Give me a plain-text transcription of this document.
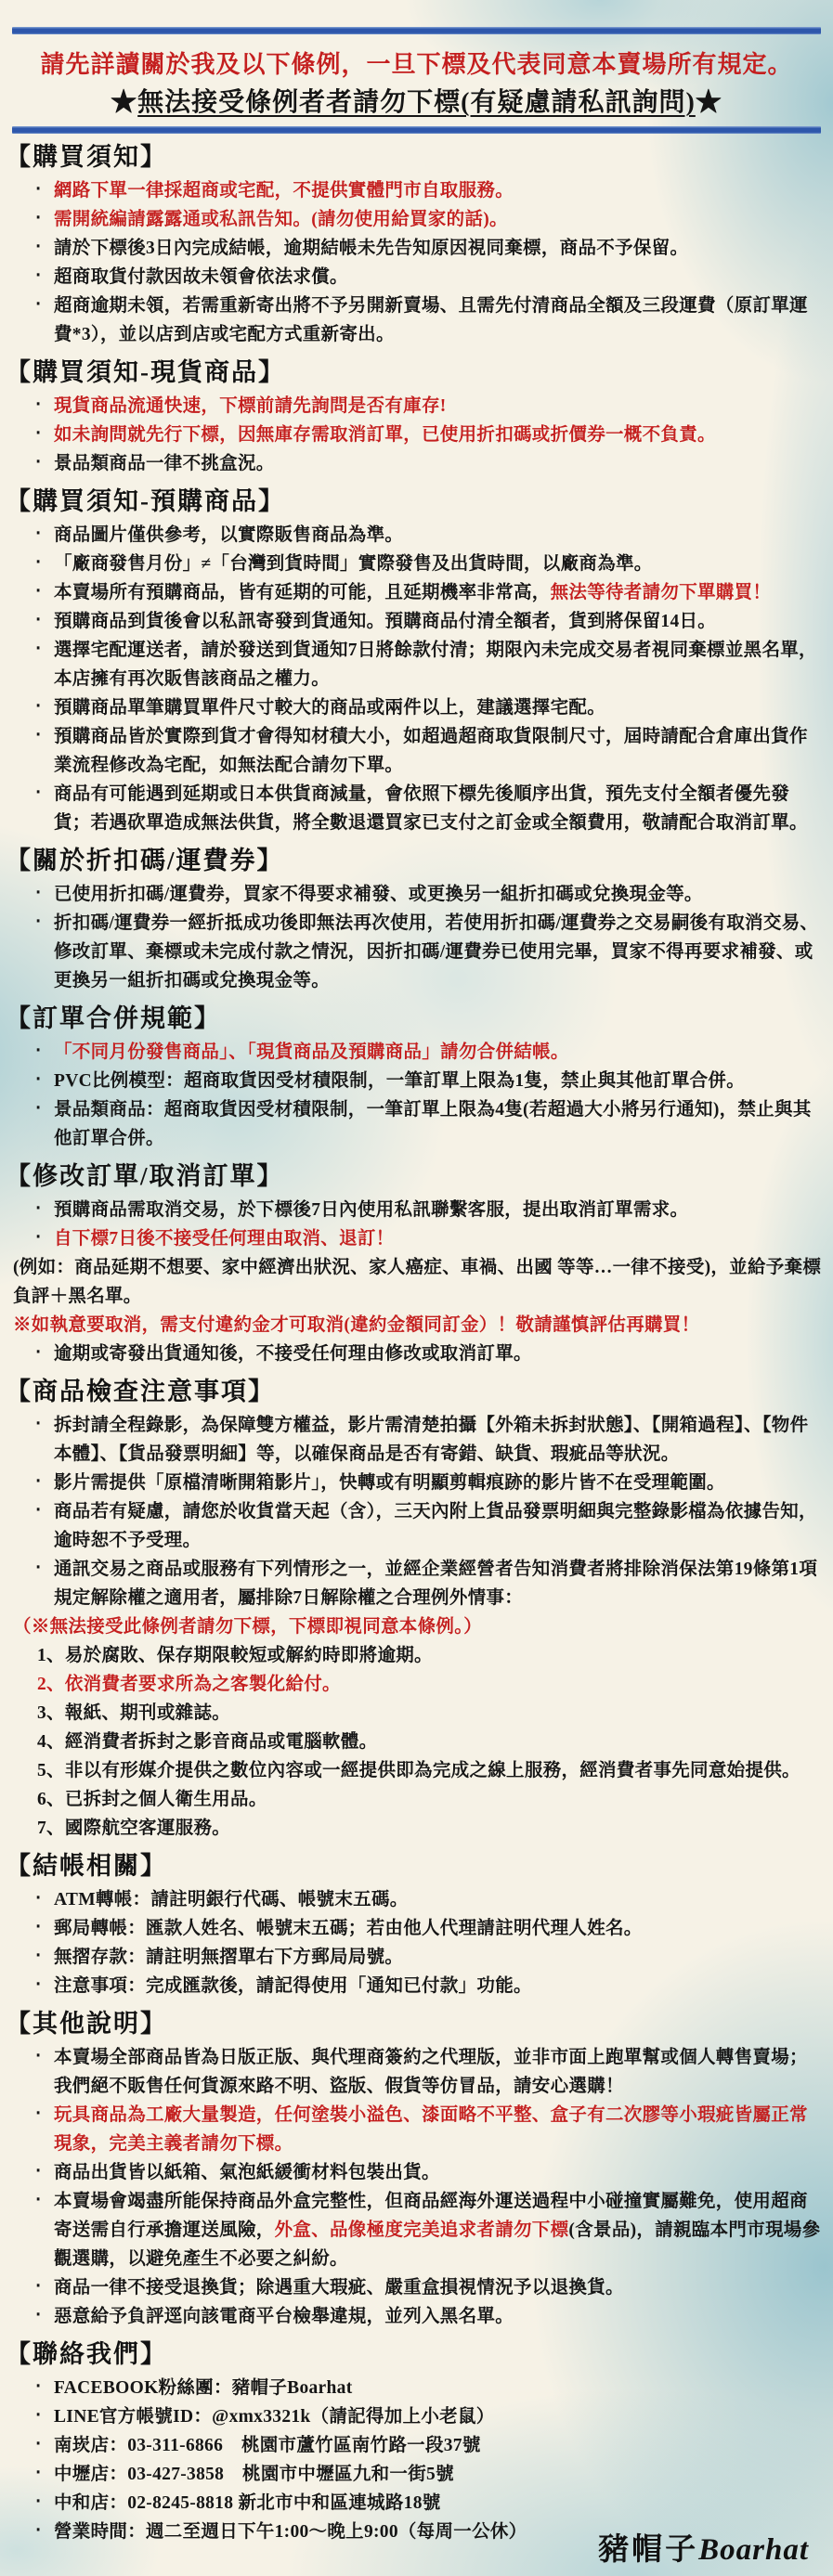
請先詳讀關於我及以下條例，一旦下標及代表同意本賣場所有規定。
★無法接受條例者者請勿下標(有疑慮請私訊詢問)★
【購買須知】
‧ 網路下單一律採超商或宅配，不提供實體門市自取服務。
‧ 需開統編請露露通或私訊告知。(請勿使用給買家的話)。
‧ 請於下標後3日內完成結帳，逾期結帳未先告知原因視同棄標，商品不予保留。
‧ 超商取貨付款因故未領會依法求償。
‧ 超商逾期未領，若需重新寄出將不予另開新賣場、且需先付清商品全額及三段運費（原訂單運費*3），並以店到店或宅配方式重新寄出。
【購買須知-現貨商品】
‧ 現貨商品流通快速，下標前請先詢問是否有庫存!
‧ 如未詢問就先行下標，因無庫存需取消訂單，已使用折扣碼或折價券一概不負責。
‧ 景品類商品一律不挑盒況。
【購買須知-預購商品】
‧ 商品圖片僅供參考，以實際販售商品為準。
‧ 「廠商發售月份」≠「台灣到貨時間」實際發售及出貨時間，以廠商為準。
‧ 本賣場所有預購商品，皆有延期的可能，且延期機率非常高，無法等待者請勿下單購買！
‧ 預購商品到貨後會以私訊寄發到貨通知。預購商品付清全額者，貨到將保留14日。
‧ 選擇宅配運送者，請於發送到貨通知7日將餘款付清；期限內未完成交易者視同棄標並黑名單，本店擁有再次販售該商品之權力。
‧ 預購商品單筆購買單件尺寸較大的商品或兩件以上，建議選擇宅配。
‧ 預購商品皆於實際到貨才會得知材積大小，如超過超商取貨限制尺寸，屆時請配合倉庫出貨作業流程修改為宅配，如無法配合請勿下單。
‧ 商品有可能遇到延期或日本供貨商減量，會依照下標先後順序出貨，預先支付全額者優先發貨；若遇砍單造成無法供貨，將全數退還買家已支付之訂金或全額費用，敬請配合取消訂單。
【關於折扣碼/運費券】
‧ 已使用折扣碼/運費券，買家不得要求補發、或更換另一組折扣碼或兌換現金等。
‧ 折扣碼/運費券一經折抵成功後即無法再次使用，若使用折扣碼/運費券之交易嗣後有取消交易、修改訂單、棄標或未完成付款之情況，因折扣碼/運費券已使用完畢，買家不得再要求補發、或更換另一組折扣碼或兌換現金等。
【訂單合併規範】
‧ 「不同月份發售商品」、「現貨商品及預購商品」請勿合併結帳。
‧ PVC比例模型：超商取貨因受材積限制，一筆訂單上限為1隻，禁止與其他訂單合併。
‧ 景品類商品：超商取貨因受材積限制，一筆訂單上限為4隻(若超過大小將另行通知)，禁止與其他訂單合併。
【修改訂單/取消訂單】
‧ 預購商品需取消交易，於下標後7日內使用私訊聯繫客服，提出取消訂單需求。
‧ 自下標7日後不接受任何理由取消、退訂！
(例如：商品延期不想要、家中經濟出狀況、家人癌症、車禍、出國 等等…一律不接受)，並給予棄標負評＋黑名單。
※如執意要取消，需支付違約金才可取消(違約金額同訂金）！敬請謹慎評估再購買！
‧ 逾期或寄發出貨通知後，不接受任何理由修改或取消訂單。
【商品檢查注意事項】
‧ 拆封請全程錄影，為保障雙方權益，影片需清楚拍攝【外箱未拆封狀態】、【開箱過程】、【物件本體】、【貨品發票明細】等，以確保商品是否有寄錯、缺貨、瑕疵品等狀況。
‧ 影片需提供「原檔清晰開箱影片」，快轉或有明顯剪輯痕跡的影片皆不在受理範圍。
‧ 商品若有疑慮，請您於收貨當天起（含），三天內附上貨品發票明細與完整錄影檔為依據告知，逾時恕不予受理。
‧ 通訊交易之商品或服務有下列情形之一，並經企業經營者告知消費者將排除消保法第19條第1項規定解除權之適用者，屬排除7日解除權之合理例外情事：
（※無法接受此條例者請勿下標，下標即視同意本條例。）
1、易於腐敗、保存期限較短或解約時即將逾期。
2、依消費者要求所為之客製化給付。
3、報紙、期刊或雜誌。
4、經消費者拆封之影音商品或電腦軟體。
5、非以有形媒介提供之數位內容或一經提供即為完成之線上服務，經消費者事先同意始提供。
6、已拆封之個人衛生用品。
7、國際航空客運服務。
【結帳相關】
‧ ATM轉帳：請註明銀行代碼、帳號末五碼。
‧ 郵局轉帳：匯款人姓名、帳號末五碼；若由他人代理請註明代理人姓名。
‧ 無摺存款：請註明無摺單右下方郵局局號。
‧ 注意事項：完成匯款後，請記得使用「通知已付款」功能。
【其他說明】
‧ 本賣場全部商品皆為日版正版、與代理商簽約之代理版，並非市面上跑單幫或個人轉售賣場；我們絕不販售任何貨源來路不明、盜版、假貨等仿冒品，請安心選購！
‧ 玩具商品為工廠大量製造，任何塗裝小溢色、漆面略不平整、盒子有二次膠等小瑕疵皆屬正常現象，完美主義者請勿下標。
‧ 商品出貨皆以紙箱、氣泡紙緩衝材料包裝出貨。
‧ 本賣場會竭盡所能保持商品外盒完整性，但商品經海外運送過程中小碰撞實屬難免，使用超商寄送需自行承擔運送風險，外盒、品像極度完美追求者請勿下標(含景品)，請親臨本門市現場參觀選購，以避免產生不必要之糾紛。
‧ 商品一律不接受退換貨；除遇重大瑕疵、嚴重盒損視情況予以退換貨。
‧ 惡意給予負評逕向該電商平台檢舉違規，並列入黑名單。
【聯絡我們】
‧ FACEBOOK粉絲團：豬帽子Boarhat
‧ LINE官方帳號ID：@xmx3321k（請記得加上小老鼠）
‧ 南崁店：03-311-6866　桃園市蘆竹區南竹路一段37號
‧ 中壢店：03-427-3858　桃園市中壢區九和一街5號
‧ 中和店：02-8245-8818 新北市中和區連城路18號
‧ 營業時間：週二至週日下午1:00～晚上9:00（每周一公休）
豬帽子Boarhat
